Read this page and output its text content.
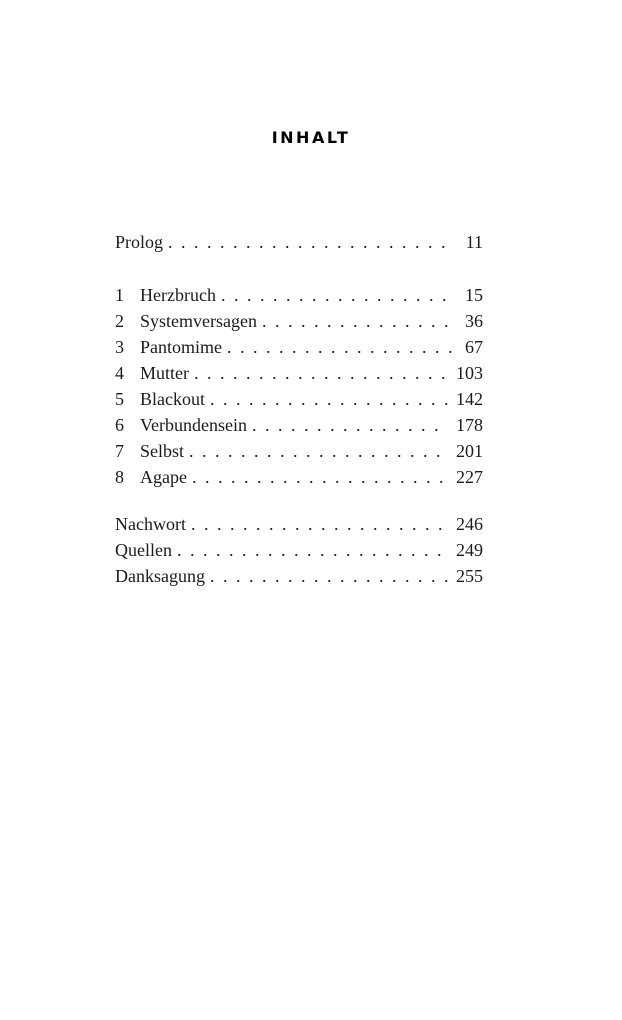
INHALT
Prolog . . .	11
1 Herzbruch . . .	15
2 Systemversagen . . .	36
3 Pantomime . . .	67
4 Mutter . . .	103
5 Blackout . . .	142
6 Verbundensein . . .	178
7 Selbst . . .	201
8 Agape . . .	227
Nachwort . . .	246
Quellen . . .	249
Danksagung . . .	255
